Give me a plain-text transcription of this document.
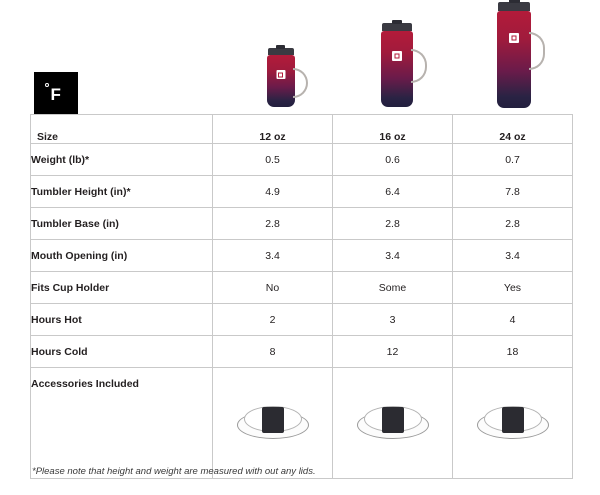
F
Size	12 oz	16 oz	24 oz
Weight (lb)*	0.5	0.6	0.7
Tumbler Height (in)*	4.9	6.4	7.8
Tumbler Base (in)	2.8	2.8	2.8
Mouth Opening (in)	3.4	3.4	3.4
Fits Cup Holder	No	Some	Yes
Hours Hot	2	3	4
Hours Cold	8	12	18
Accessories Included	

*Please note that height and weight are measured with out any lids.
